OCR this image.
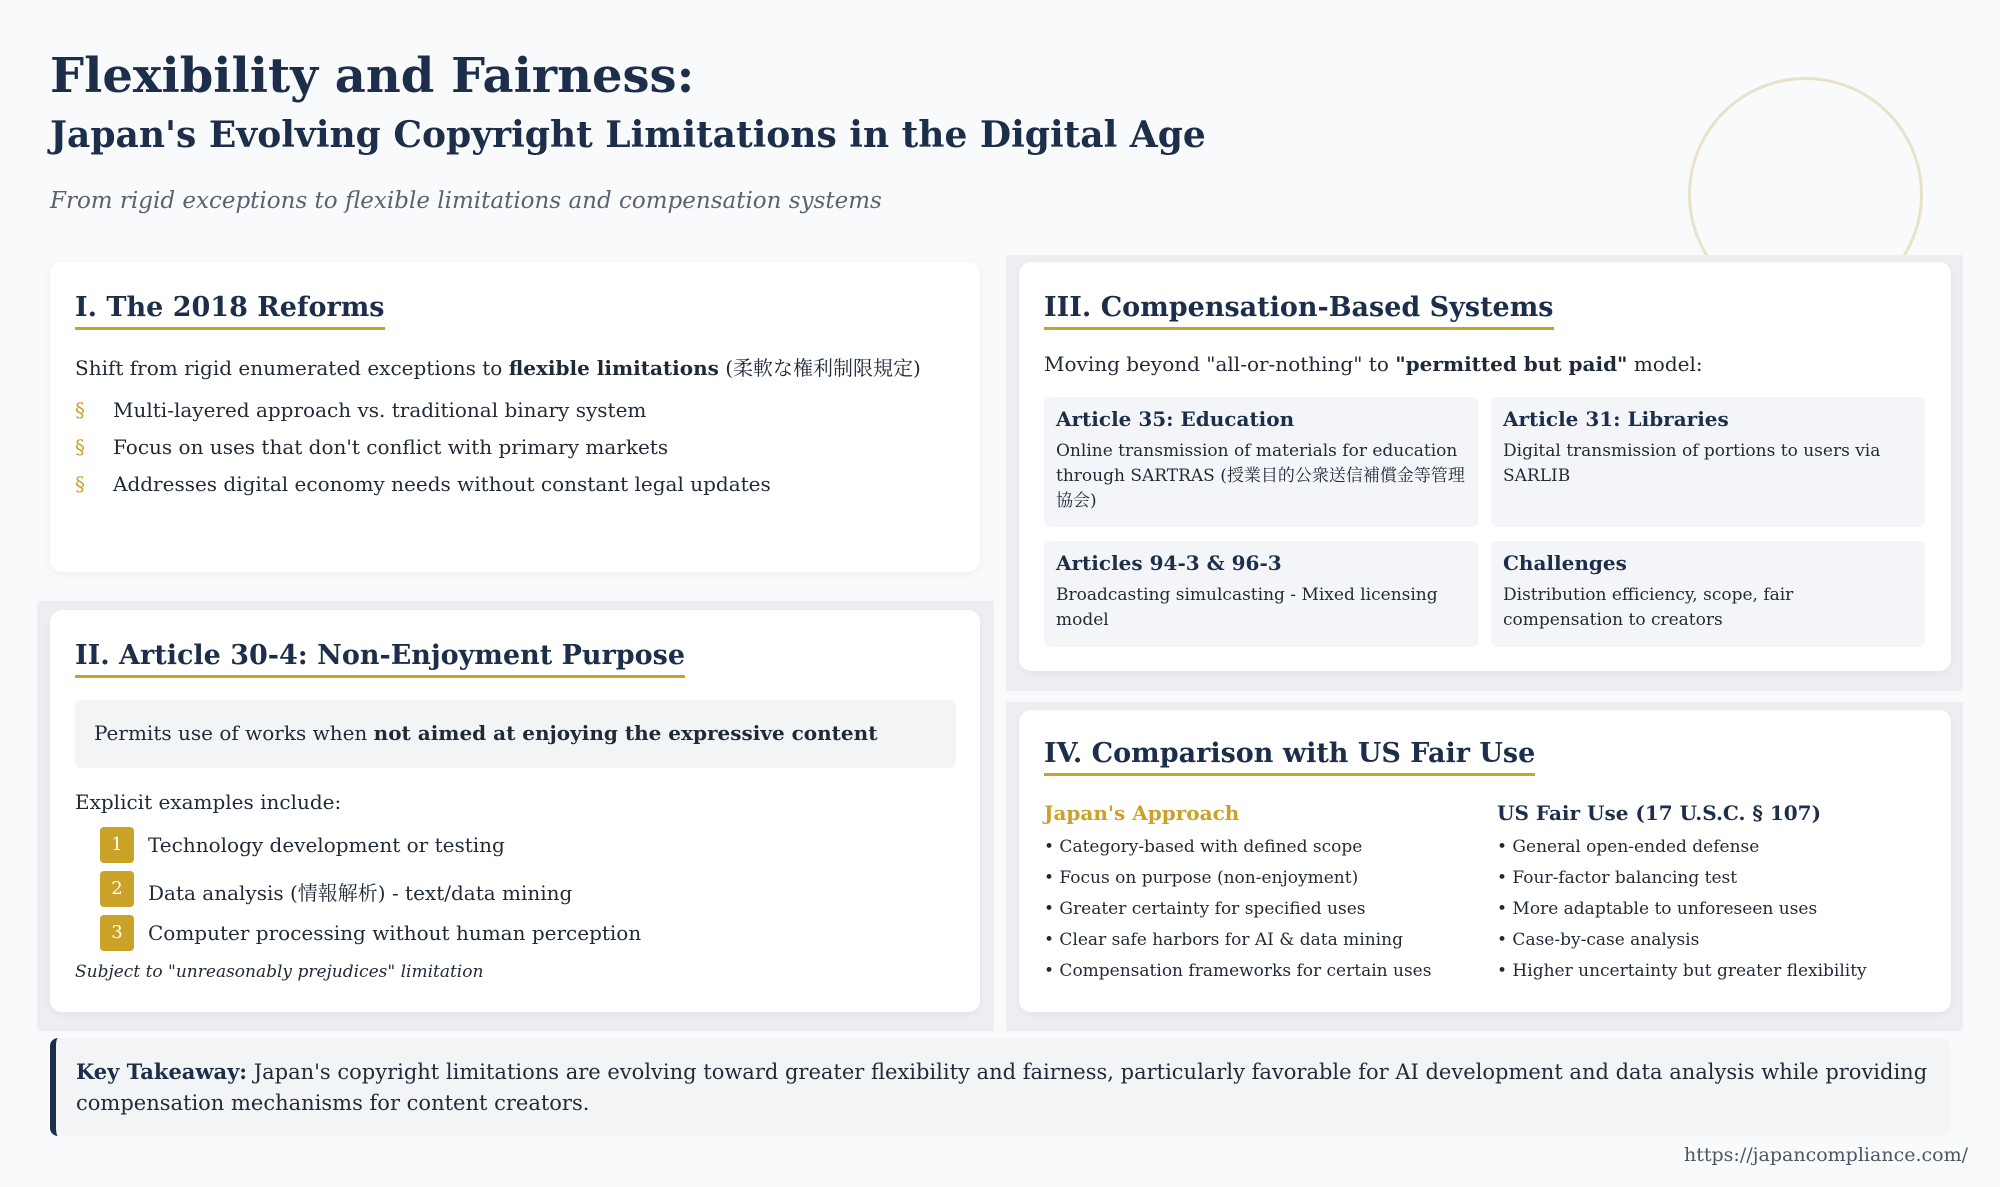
Flexibility and Fairness:
Japan's Evolving Copyright Limitations in the Digital Age
From rigid exceptions to flexible limitations and compensation systems
I. The 2018 Reforms
Shift from rigid enumerated exceptions to flexible limitations (柔軟な権利制限規定)
§ Multi-layered approach vs. traditional binary system
§ Focus on uses that don't conflict with primary markets
§ Addresses digital economy needs without constant legal updates
II. Article 30-4: Non-Enjoyment Purpose
Permits use of works when not aimed at enjoying the expressive content
Explicit examples include:
1	Technology development or testing
2	Data analysis (情報解析) - text/data mining
3	Computer processing without human perception
Subject to "unreasonably prejudices" limitation
III. Compensation-Based Systems
Moving beyond "all-or-nothing" to "permitted but paid" model:
Article 35: Education
Online transmission of materials for education through SARTRAS (授業目的公衆送信補償金等管理協会)
Article 31: Libraries
Digital transmission of portions to users via SARLIB
Articles 94-3 & 96-3
Broadcasting simulcasting - Mixed licensing model
Challenges
Distribution efficiency, scope, fair compensation to creators
IV. Comparison with US Fair Use
Japan's Approach	US Fair Use (17 U.S.C. § 107)
• Category-based with defined scope
• Focus on purpose (non-enjoyment)
• Greater certainty for specified uses
• Clear safe harbors for AI & data mining
• Compensation frameworks for certain uses
• General open-ended defense
• Four-factor balancing test
• More adaptable to unforeseen uses
• Case-by-case analysis
• Higher uncertainty but greater flexibility
Key Takeaway: Japan's copyright limitations are evolving toward greater flexibility and fairness, particularly favorable for AI development and data analysis while providing compensation mechanisms for content creators.
https://japancompliance.com/
